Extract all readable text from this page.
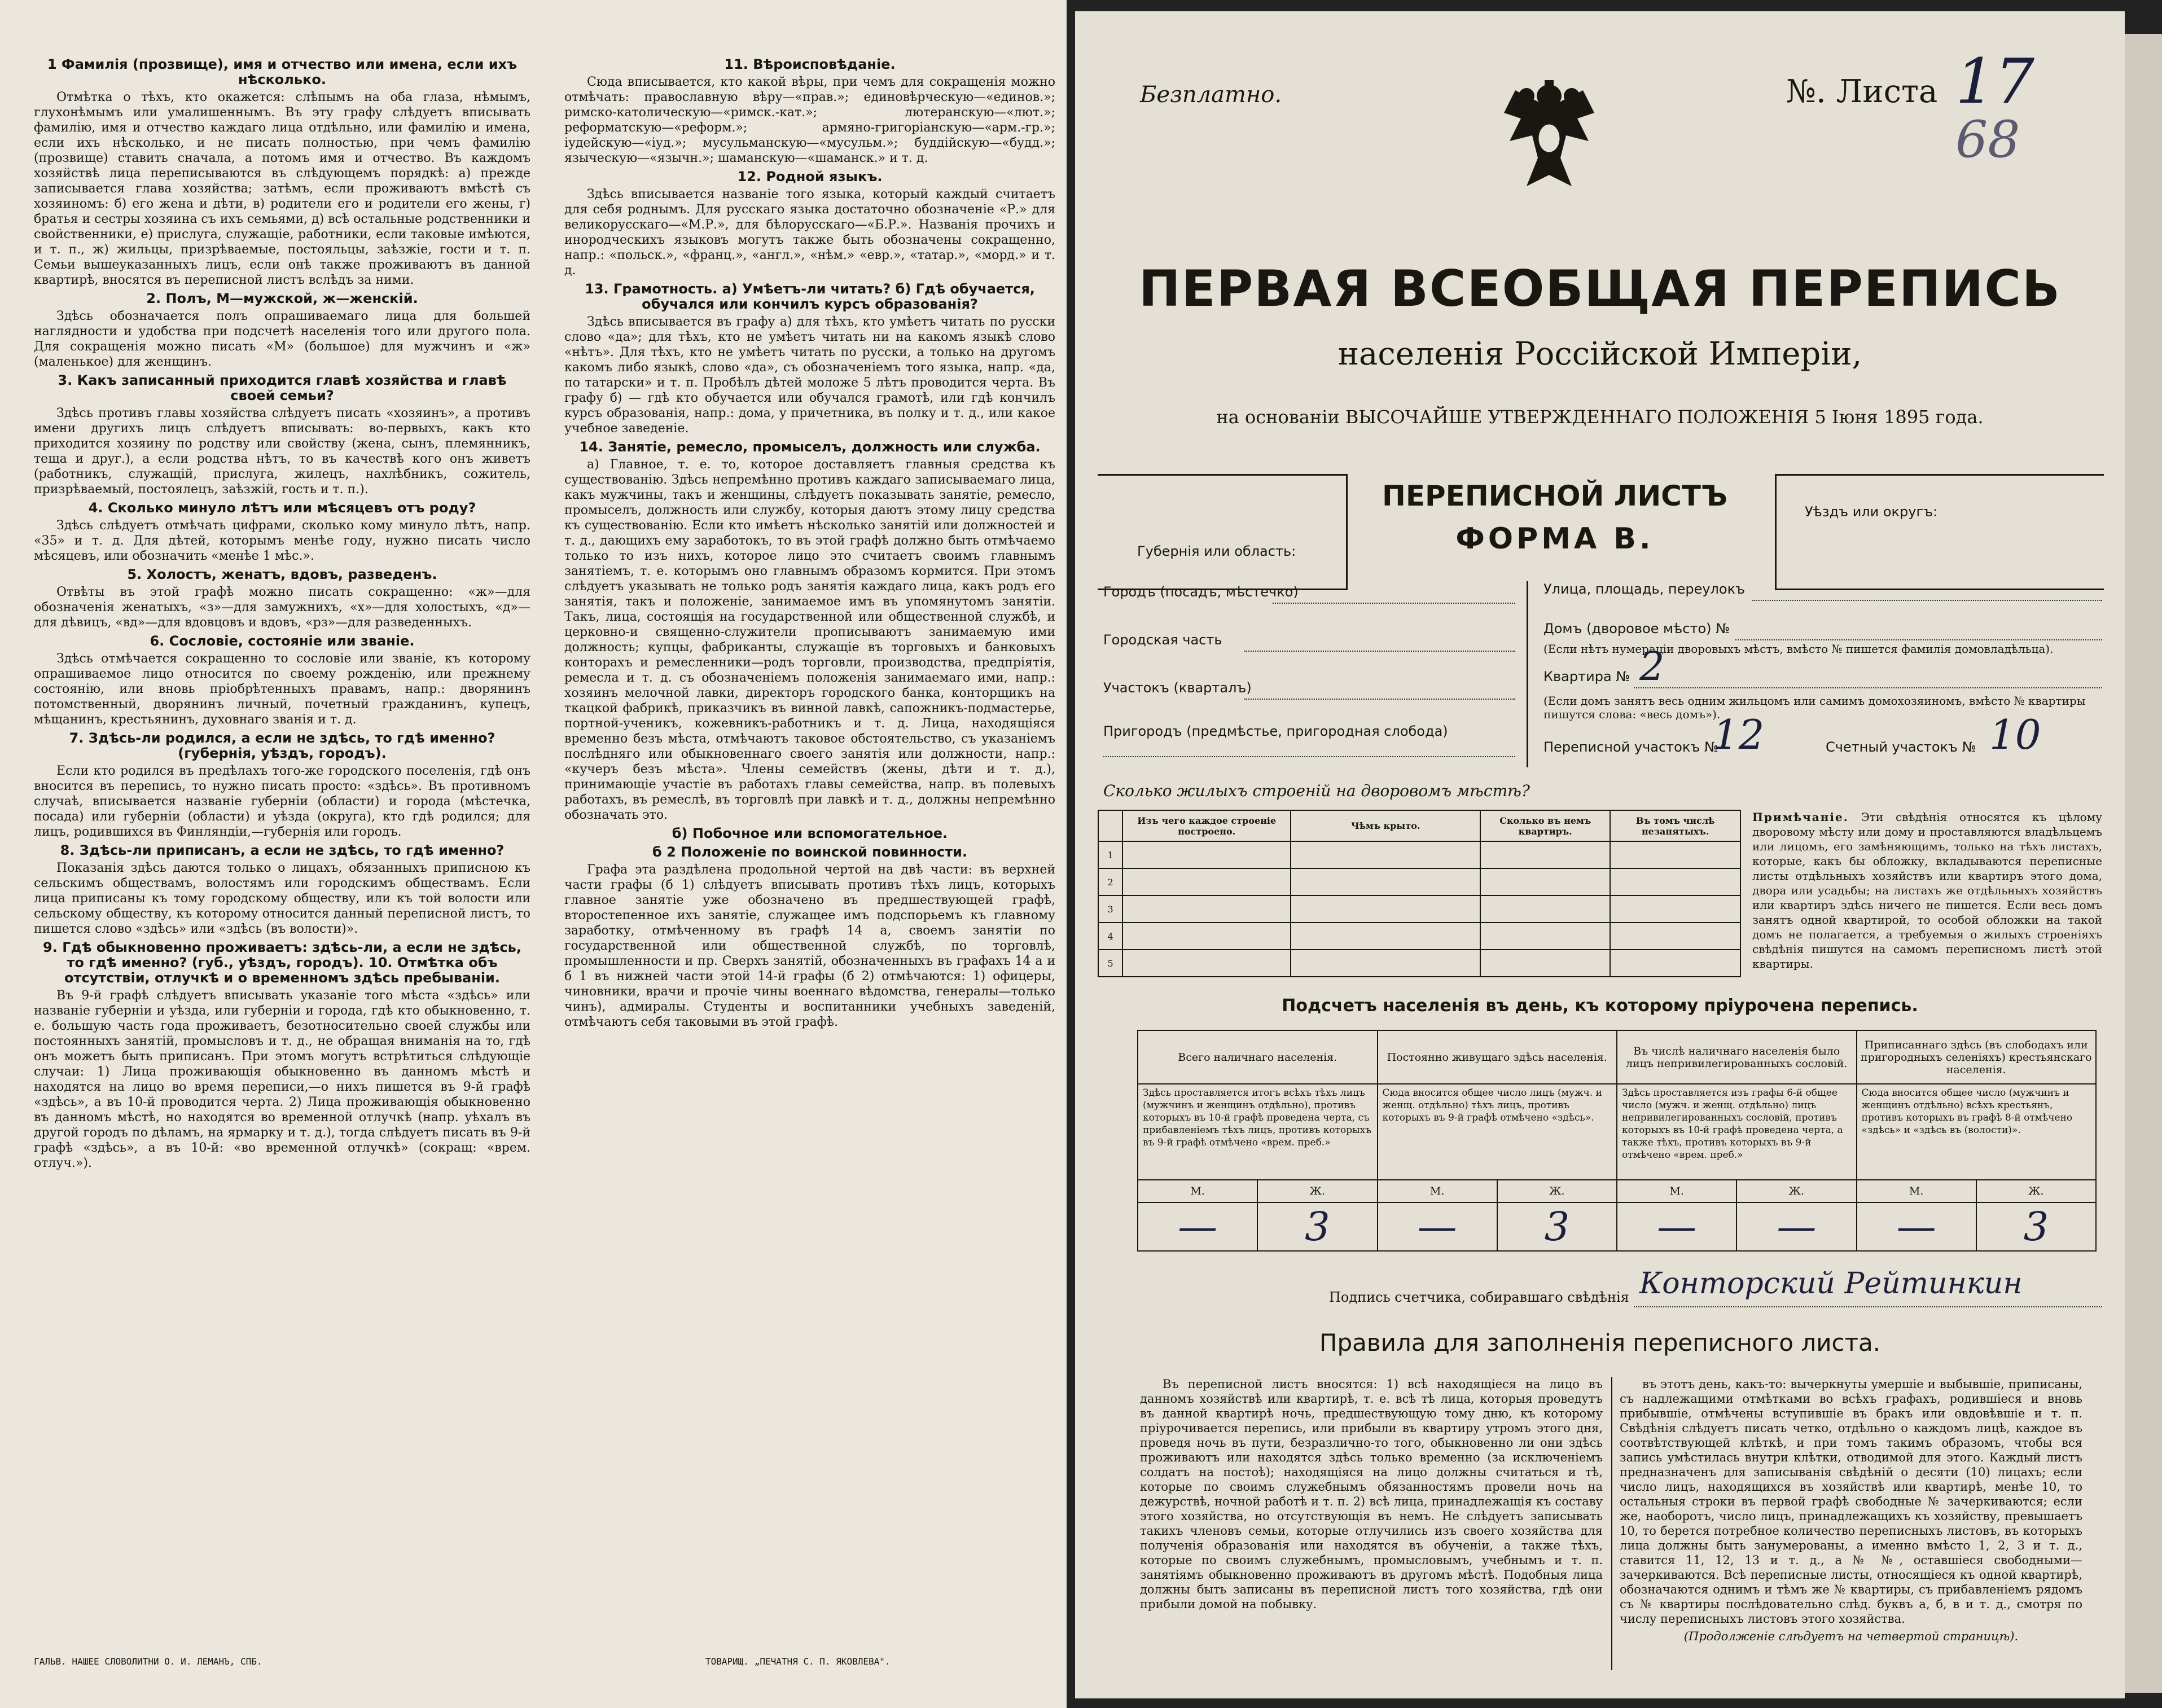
1 Фамилія (прозвище), имя и отчество или имена, если ихъ нѣсколько.

Отмѣтка о тѣхъ, кто окажется: слѣпымъ на оба глаза, нѣмымъ, глухонѣмымъ или умалишеннымъ. Въ эту графу слѣдуетъ вписывать фамилію, имя и отчество каждаго лица отдѣльно, или фамилію и имена, если ихъ нѣсколько, и не писать полностью, при чемъ фамилію (прозвище) ставить сначала, а потомъ имя и отчество. Въ каждомъ хозяйствѣ лица переписываются въ слѣдующемъ порядкѣ: а) прежде записывается глава хозяйства; затѣмъ, если проживаютъ вмѣстѣ съ хозяиномъ: б) его жена и дѣти, в) родители его и родители его жены, г) братья и сестры хозяина съ ихъ семьями, д) всѣ остальные родственники и свойственники, е) прислуга, служащіе, работники, если таковые имѣются, и т. п., ж) жильцы, призрѣваемые, постояльцы, заѣзжіе, гости и т. п. Семьи вышеуказанныхъ лицъ, если онѣ также проживаютъ въ данной квартирѣ, вносятся въ переписной листъ вслѣдъ за ними.

2. Полъ, М—мужской, ж—женскій.

Здѣсь обозначается полъ опрашиваемаго лица для большей наглядности и удобства при подсчетѣ населенія того или другого пола. Для сокращенія можно писать «М» (большое) для мужчинъ и «ж» (маленькое) для женщинъ.

3. Какъ записанный приходится главѣ хозяйства и главѣ своей семьи?

Здѣсь противъ главы хозяйства слѣдуетъ писать «хозяинъ», а противъ имени другихъ лицъ слѣдуетъ вписывать: во-первыхъ, какъ кто приходится хозяину по родству или свойству (жена, сынъ, племянникъ, теща и друг.), а если родства нѣтъ, то въ качествѣ кого онъ живетъ (работникъ, служащій, прислуга, жилецъ, нахлѣбникъ, сожитель, призрѣваемый, постоялецъ, заѣзжій, гость и т. п.).

4. Сколько минуло лѣтъ или мѣсяцевъ отъ роду?

Здѣсь слѣдуетъ отмѣчать цифрами, сколько кому минуло лѣтъ, напр. «35» и т. д. Для дѣтей, которымъ менѣе году, нужно писать число мѣсяцевъ, или обозначить «менѣе 1 мѣс.».

5. Холостъ, женатъ, вдовъ, разведенъ.

Отвѣты въ этой графѣ можно писать сокращенно: «ж»—для обозначенія женатыхъ, «з»—для замужнихъ, «х»—для холостыхъ, «д»—для дѣвицъ, «вд»—для вдовцовъ и вдовъ, «рз»—для разведенныхъ.

6. Сословіе, состояніе или званіе.

Здѣсь отмѣчается сокращенно то сословіе или званіе, къ которому опрашиваемое лицо относится по своему рожденію, или прежнему состоянію, или вновь пріобрѣтенныхъ правамъ, напр.: дворянинъ потомственный, дворянинъ личный, почетный гражданинъ, купецъ, мѣщанинъ, крестьянинъ, духовнаго званія и т. д.

7. Здѣсь-ли родился, а если не здѣсь, то гдѣ именно? (губернія, уѣздъ, городъ).

Если кто родился въ предѣлахъ того-же городского поселенія, гдѣ онъ вносится въ перепись, то нужно писать просто: «здѣсь». Въ противномъ случаѣ, вписывается названіе губерніи (области) и города (мѣстечка, посада) или губерніи (области) и уѣзда (округа), кто гдѣ родился; для лицъ, родившихся въ Финляндіи,—губернія или городъ.

8. Здѣсь-ли приписанъ, а если не здѣсь, то гдѣ именно?

Показанія здѣсь даются только о лицахъ, обязанныхъ приписною къ сельскимъ обществамъ, волостямъ или городскимъ обществамъ. Если лица приписаны къ тому городскому обществу, или къ той волости или сельскому обществу, къ которому относится данный переписной листъ, то пишется слово «здѣсь» или «здѣсь (въ волости)».

9. Гдѣ обыкновенно проживаетъ: здѣсь-ли, а если не здѣсь, то гдѣ именно? (губ., уѣздъ, городъ). 10. Отмѣтка объ отсутствіи, отлучкѣ и о временномъ здѣсь пребываніи.

Въ 9-й графѣ слѣдуетъ вписывать указаніе того мѣста «здѣсь» или названіе губерніи и уѣзда, или губерніи и города, гдѣ кто обыкновенно, т. е. большую часть года проживаетъ, безотносительно своей службы или постоянныхъ занятій, промысловъ и т. д., не обращая вниманія на то, гдѣ онъ можетъ быть приписанъ. При этомъ могутъ встрѣтиться слѣдующіе случаи: 1) Лица проживающія обыкновенно въ данномъ мѣстѣ и находятся на лицо во время переписи,—о нихъ пишется въ 9-й графѣ «здѣсь», а въ 10-й проводится черта. 2) Лица проживающія обыкновенно въ данномъ мѣстѣ, но находятся во временной отлучкѣ (напр. уѣхалъ въ другой городъ по дѣламъ, на ярмарку и т. д.), тогда слѣдуетъ писать въ 9-й графѣ «здѣсь», а въ 10-й: «во временной отлучкѣ» (сокращ: «врем. отлуч.»).

11. Вѣроисповѣданіе.

Сюда вписывается, кто какой вѣры, при чемъ для сокращенія можно отмѣчать: православную вѣру—«прав.»; единовѣрческую—«единов.»; римско-католическую—«римск.-кат.»; лютеранскую—«лют.»; реформатскую—«реформ.»; армяно-григоріанскую—«арм.-гр.»; іудейскую—«іуд.»; мусульманскую—«мусульм.»; буддійскую—«будд.»; языческую—«язычн.»; шаманскую—«шаманск.» и т. д.

12. Родной языкъ.

Здѣсь вписывается названіе того языка, который каждый считаетъ для себя роднымъ. Для русскаго языка достаточно обозначеніе «Р.» для великорусскаго—«М.Р.», для бѣлорусскаго—«Б.Р.». Названія прочихъ и инородческихъ языковъ могутъ также быть обозначены сокращенно, напр.: «польск.», «франц.», «англ.», «нѣм.» «евр.», «татар.», «морд.» и т. д.

13. Грамотность. а) Умѣетъ-ли читать? б) Гдѣ обучается, обучался или кончилъ курсъ образованія?

Здѣсь вписывается въ графу а) для тѣхъ, кто умѣетъ читать по русски слово «да»; для тѣхъ, кто не умѣетъ читать ни на какомъ языкѣ слово «нѣтъ». Для тѣхъ, кто не умѣетъ читать по русски, а только на другомъ какомъ либо языкѣ, слово «да», съ обозначеніемъ того языка, напр. «да, по татарски» и т. п. Пробѣлъ дѣтей моложе 5 лѣтъ проводится черта. Въ графу б) — гдѣ кто обучается или обучался грамотѣ, или гдѣ кончилъ курсъ образованія, напр.: дома, у причетника, въ полку и т. д., или какое учебное заведеніе.

14. Занятіе, ремесло, промыселъ, должность или служба.

а) Главное, т. е. то, которое доставляетъ главныя средства къ существованію. Здѣсь непремѣнно противъ каждаго записываемаго лица, какъ мужчины, такъ и женщины, слѣдуетъ показывать занятіе, ремесло, промыселъ, должность или службу, которыя даютъ этому лицу средства къ существованію. Если кто имѣетъ нѣсколько занятій или должностей и т. д., дающихъ ему заработокъ, то въ этой графѣ должно быть отмѣчаемо только то изъ нихъ, которое лицо это считаетъ своимъ главнымъ занятіемъ, т. е. которымъ оно главнымъ образомъ кормится. При этомъ слѣдуетъ указывать не только родъ занятія каждаго лица, какъ родъ его занятія, такъ и положеніе, занимаемое имъ въ упомянутомъ занятіи. Такъ, лица, состоящія на государственной или общественной службѣ, и церковно-и священно-служители прописываютъ занимаемую ими должность; купцы, фабриканты, служащіе въ торговыхъ и банковыхъ конторахъ и ремесленники—родъ торговли, производства, предпріятія, ремесла и т. д. съ обозначеніемъ положенія занимаемаго ими, напр.: хозяинъ мелочной лавки, директоръ городского банка, конторщикъ на ткацкой фабрикѣ, приказчикъ въ винной лавкѣ, сапожникъ-подмастерье, портной-ученикъ, кожевникъ-работникъ и т. д. Лица, находящіяся временно безъ мѣста, отмѣчаютъ таковое обстоятельство, съ указаніемъ послѣдняго или обыкновеннаго своего занятія или должности, напр.: «кучеръ безъ мѣста». Члены семействъ (жены, дѣти и т. д.), принимающіе участіе въ работахъ главы семейства, напр. въ полевыхъ работахъ, въ ремеслѣ, въ торговлѣ при лавкѣ и т. д., должны непремѣнно обозначать это.

б) Побочное или вспомогательное.

б 2 Положеніе по воинской повинности.

Графа эта раздѣлена продольной чертой на двѣ части: въ верхней части графы (б 1) слѣдуетъ вписывать противъ тѣхъ лицъ, которыхъ главное занятіе уже обозначено въ предшествующей графѣ, второстепенное ихъ занятіе, служащее имъ подспорьемъ къ главному заработку, отмѣченному въ графѣ 14 а, своемъ занятіи по государственной или общественной службѣ, по торговлѣ, промышленности и пр. Сверхъ занятій, обозначенныхъ въ графахъ 14 а и б 1 въ нижней части этой 14-й графы (б 2) отмѣчаются: 1) офицеры, чиновники, врачи и прочіе чины военнаго вѣдомства, генералы—только чинъ), адмиралы. Студенты и воспитанники учебныхъ заведеній, отмѣчаютъ себя таковыми въ этой графѣ.

ГАЛЬВ. НАШЕЕ СЛОВОЛИТНИ О. И. ЛЕМАНЪ, СПБ.	ТОВАРИЩ. „ПЕЧАТНЯ С. П. ЯКОВЛЕВА".
Безплатно.	№. Листа 17
68
ПЕРВАЯ ВСЕОБЩАЯ ПЕРЕПИСЬ
населенія Россійской Имперіи,
на основаніи ВЫСОЧАЙШЕ УТВЕРЖДЕННАГО ПОЛОЖЕНІЯ 5 Іюня 1895 года.
Губернія или область:
ПЕРЕПИСНОЙ ЛИСТЪ
ФОРМА В.
Уѣздъ или округъ:
Городъ (посадъ, мѣстечко)
Городская часть
Участокъ (кварталъ)
Пригородъ (предмѣстье, пригородная слобода)
Улица, площадь, переулокъ
Домъ (дворовое мѣсто) №
(Если нѣтъ нумераціи дворовыхъ мѣстъ, вмѣсто № пишется фамилія домовладѣльца).
Квартира № 2
(Если домъ занятъ весь одним жильцомъ или самимъ домохозяиномъ, вмѣсто № квартиры пишутся слова: «весь домъ»).
Переписной участокъ №
12	Счетный участокъ № 10
Сколько жилыхъ строеній на дворовомъ мѣстѣ?
	Изъ чего каждое строеніе построено.	Чѣмъ крыто.	Сколько въ немъ квартиръ.	Въ томъ числѣ незанятыхъ.
1				
2				
3				
4				
5				
Примѣчаніе. Эти свѣдѣнія относятся къ цѣлому дворовому мѣсту или дому и проставляются владѣльцемъ или лицомъ, его замѣняющимъ, только на тѣхъ листахъ, которые, какъ бы обложку, вкладываются переписные листы отдѣльныхъ хозяйствъ или квартиръ этого дома, двора или усадьбы; на листахъ же отдѣльныхъ хозяйствъ или квартиръ здѣсь ничего не пишется. Если весь домъ занятъ одной квартирой, то особой обложки на такой домъ не полагается, а требуемыя о жилыхъ строеніяхъ свѣдѣнія пишутся на самомъ переписномъ листѣ этой квартиры.
Подсчетъ населенія въ день, къ которому пріурочена перепись.
Всего наличнаго населенія.		Постоянно живущаго здѣсь населенія.		Въ числѣ наличнаго населенія было лицъ непривилегированныхъ сословій.		Приписаннаго здѣсь (въ слободахъ или пригородныхъ селеніяхъ) крестьянскаго населенія.	
Здѣсь проставляется итогъ всѣхъ тѣхъ лицъ (мужчинъ и женщинъ отдѣльно), противъ которыхъ въ 10-й графѣ проведена черта, съ прибавленіемъ тѣхъ лицъ, противъ которыхъ въ 9-й графѣ отмѣчено «врем. преб.»		Сюда вносится общее число лицъ (мужч. и женщ. отдѣльно) тѣхъ лицъ, противъ которыхъ въ 9-й графѣ отмѣчено «здѣсь».		Здѣсь проставляется изъ графы 6-й общее число (мужч. и женщ. отдѣльно) лицъ непривилегированныхъ сословій, противъ которыхъ въ 10-й графѣ проведена черта, а также тѣхъ, противъ которыхъ въ 9-й отмѣчено «врем. преб.»		Сюда вносится общее число (мужчинъ и женщинъ отдѣльно) всѣхъ крестьянъ, противъ которыхъ въ графѣ 8-й отмѣчено «здѣсь» и «здѣсь въ (волости)».	
М.	Ж.	М.	Ж.	М.	Ж.	М.	Ж.
—	3	—	3	—	—	—	3
Подпись счетчика, собиравшаго свѣдѣнія Конторский Рейтинкин
Правила для заполненія переписного листа.

Въ переписной листъ вносятся: 1) всѣ находящіеся на лицо въ данномъ хозяйствѣ или квартирѣ, т. е. всѣ тѣ лица, которыя проведутъ въ данной квартирѣ ночь, предшествующую тому дню, къ которому пріурочивается перепись, или прибыли въ квартиру утромъ этого дня, проведя ночь въ пути, безразлично-то того, обыкновенно ли они здѣсь проживаютъ или находятся здѣсь только временно (за исключеніемъ солдатъ на постоѣ); находящіяся на лицо должны считаться и тѣ, которые по своимъ служебнымъ обязанностямъ провели ночь на дежурствѣ, ночной работѣ и т. п. 2) всѣ лица, принадлежащія къ составу этого хозяйства, но отсутствующія въ немъ. Не слѣдуетъ записывать такихъ членовъ семьи, которые отлучились изъ своего хозяйства для полученія образованія или находятся въ обученіи, а также тѣхъ, которые по своимъ служебнымъ, промысловымъ, учебнымъ и т. п. занятіямъ обыкновенно проживаютъ въ другомъ мѣстѣ. Подобныя лица должны быть записаны въ переписной листъ того хозяйства, гдѣ они прибыли домой на побывку.

въ этотъ день, какъ-то: вычеркнуты умершіе и выбывшіе, приписаны, съ надлежащими отмѣтками во всѣхъ графахъ, родившіеся и вновь прибывшіе, отмѣчены вступившіе въ бракъ или овдовѣвшіе и т. п. Свѣдѣнія слѣдуетъ писать четко, отдѣльно о каждомъ лицѣ, каждое въ соотвѣтствующей клѣткѣ, и при томъ такимъ образомъ, чтобы вся запись умѣстилась внутри клѣтки, отводимой для этого. Каждый листъ предназначенъ для записыванія свѣдѣній о десяти (10) лицахъ; если число лицъ, находящихся въ хозяйствѣ или квартирѣ, менѣе 10, то остальныя строки въ первой графѣ свободные № зачеркиваются; если же, наоборотъ, число лицъ, принадлежащихъ къ хозяйству, превышаетъ 10, то берется потребное количество переписныхъ листовъ, въ которыхъ лица должны быть занумерованы, а именно вмѣсто 1, 2, 3 и т. д., ставится 11, 12, 13 и т. д., а № №, оставшіеся свободными—зачеркиваются. Всѣ переписные листы, относящіеся къ одной квартирѣ, обозначаются однимъ и тѣмъ же № квартиры, съ прибавленіемъ рядомъ съ № квартиры послѣдовательно слѣд. буквъ а, б, в и т. д., смотря по числу переписныхъ листовъ этого хозяйства.

(Продолженіе слѣдуетъ на четвертой страницѣ).
